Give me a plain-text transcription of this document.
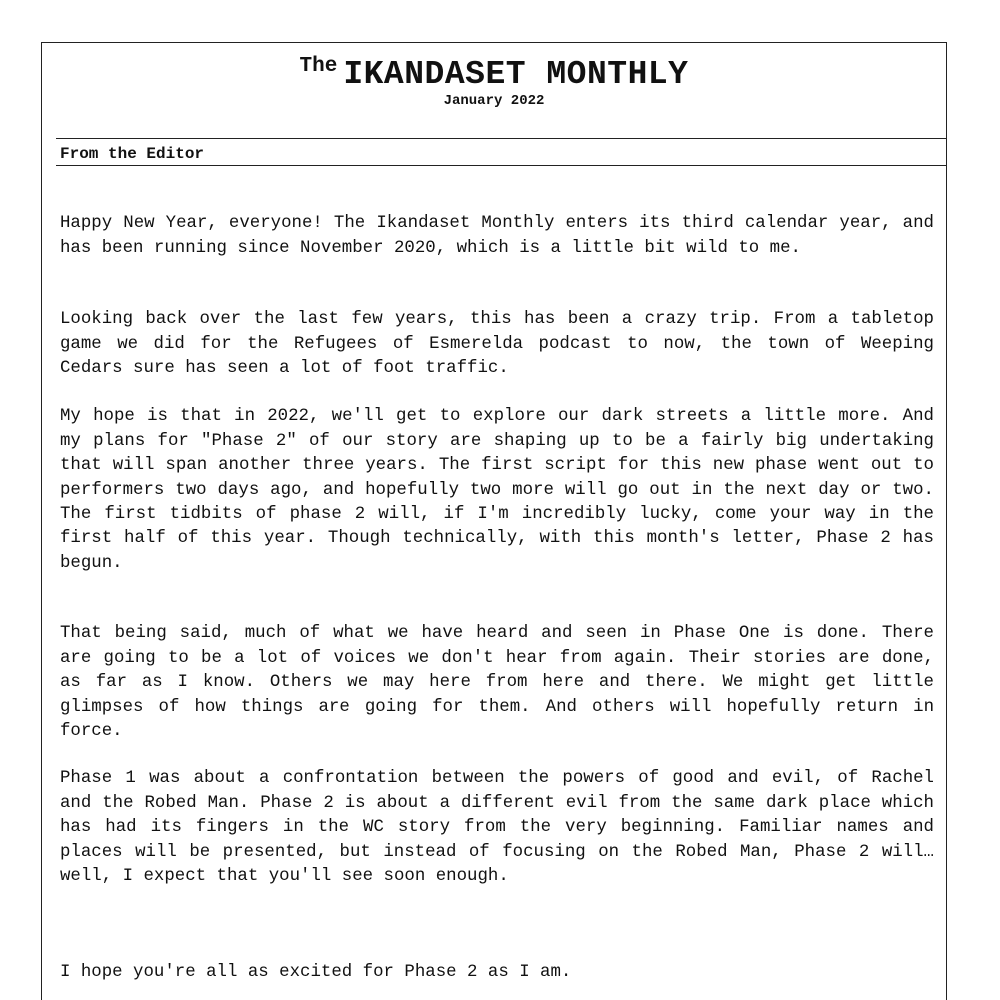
The IKANDASET MONTHLY
January 2022
From the Editor

Happy New Year, everyone! The Ikandaset Monthly enters its third calendar year, and has been running since November 2020, which is a little bit wild to me.

Looking back over the last few years, this has been a crazy trip. From a tabletop game we did for the Refugees of Esmerelda podcast to now, the town of Weeping Cedars sure has seen a lot of foot traffic.

My hope is that in 2022, we'll get to explore our dark streets a little more. And my plans for "Phase 2" of our story are shaping up to be a fairly big undertaking that will span another three years. The first script for this new phase went out to performers two days ago, and hopefully two more will go out in the next day or two. The first tidbits of phase 2 will, if I'm incredibly lucky, come your way in the first half of this year. Though technically, with this month's letter, Phase 2 has begun.

That being said, much of what we have heard and seen in Phase One is done. There are going to be a lot of voices we don't hear from again. Their stories are done, as far as I know. Others we may here from here and there. We might get little glimpses of how things are going for them. And others will hopefully return in force.

Phase 1 was about a confrontation between the powers of good and evil, of Rachel and the Robed Man. Phase 2 is about a different evil from the same dark place which has had its fingers in the WC story from the very beginning. Familiar names and places will be presented, but instead of focusing on the Robed Man, Phase 2 will…well, I expect that you'll see soon enough.

I hope you're all as excited for Phase 2 as I am.
